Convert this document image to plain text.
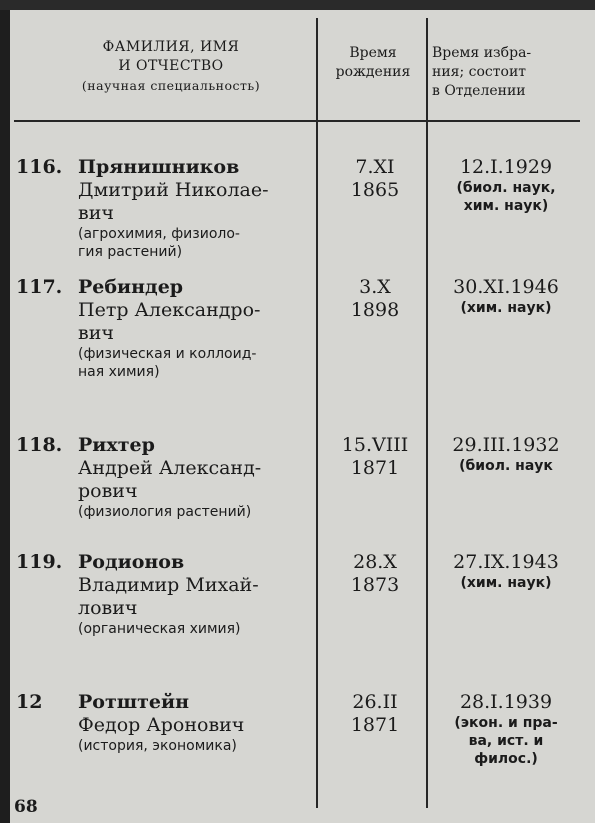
ФАМИЛИЯ, ИМЯ
И ОТЧЕСТВО
(научная специальность)
Время
рождения
Время избра-
ния; состоит
в Отделении
116. Прянишников
Дмитрий Николае-
вич
(агрохимия, физиоло-
гия растений)
7.XI
1865
12.I.1929
(биол. наук,
хим. наук)
117. Ребиндер
Петр Александро-
вич
(физическая и коллоид-
ная химия)
3.X
1898
30.XI.1946
(хим. наук)
118. Рихтер
Андрей Александ-
рович
(физиология растений)
15.VIII
1871
29.III.1932
(биол. наук
119. Родионов
Владимир Михай-
лович
(органическая химия)
28.X
1873
27.IX.1943
(хим. наук)
12 Ротштейн
Федор Аронович
(история, экономика)
26.II
1871
28.I.1939
(экон. и пра-
ва, ист. и
филос.)
68
